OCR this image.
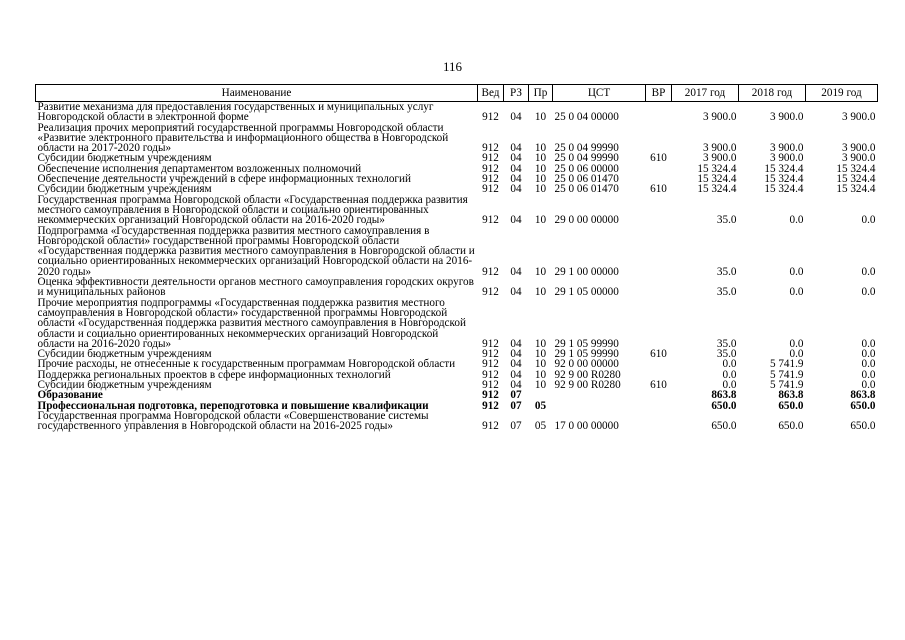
116
Наименование	Вед	РЗ	Пр	ЦСТ	ВР	2017 год	2018 год	2019 год
Развитие механизма для предоставления государственных и муниципальных услуг Новгородской области в электронной форме	912	04	10	25 0 04 00000		3 900.0	3 900.0	3 900.0
Реализация прочих мероприятий государственной программы Новгородской области «Развитие электронного правительства и информационного общества в Новгородской области на 2017-2020 годы»	912	04	10	25 0 04 99990		3 900.0	3 900.0	3 900.0
Субсидии бюджетным учреждениям	912	04	10	25 0 04 99990	610	3 900.0	3 900.0	3 900.0
Обеспечение исполнения департаментом возложенных полномочий	912	04	10	25 0 06 00000		15 324.4	15 324.4	15 324.4
Обеспечение деятельности учреждений в сфере информационных технологий	912	04	10	25 0 06 01470		15 324.4	15 324.4	15 324.4
Субсидии бюджетным учреждениям	912	04	10	25 0 06 01470	610	15 324.4	15 324.4	15 324.4
Государственная программа Новгородской области «Государственная поддержка развития местного самоуправления в Новгородской области и социально ориентированных некоммерческих организаций Новгородской области на 2016-2020 годы»	912	04	10	29 0 00 00000		35.0	0.0	0.0
Подпрограмма «Государственная поддержка развития местного самоуправления в Новгородской области» государственной программы Новгородской области «Государственная поддержка развития местного самоуправления в Новгородской области и социально ориентированных некоммерческих организаций Новгородской области на 2016-2020 годы»	912	04	10	29 1 00 00000		35.0	0.0	0.0
Оценка эффективности деятельности органов местного самоуправления городских округов и муниципальных районов	912	04	10	29 1 05 00000		35.0	0.0	0.0
Прочие мероприятия подпрограммы «Государственная поддержка развития местного самоуправления в Новгородской области» государственной программы Новгородской области «Государственная поддержка развития местного самоуправления в Новгородской области и социально ориентированных некоммерческих организаций Новгородской области на 2016-2020 годы»	912	04	10	29 1 05 99990		35.0	0.0	0.0
Субсидии бюджетным учреждениям	912	04	10	29 1 05 99990	610	35.0	0.0	0.0
Прочие расходы, не отнесенные к государственным программам Новгородской области	912	04	10	92 0 00 00000		0.0	5 741.9	0.0
Поддержка региональных проектов в сфере информационных технологий	912	04	10	92 9 00 R0280		0.0	5 741.9	0.0
Субсидии бюджетным учреждениям	912	04	10	92 9 00 R0280	610	0.0	5 741.9	0.0
Образование	912	07				863.8	863.8	863.8
Профессиональная подготовка, переподготовка и повышение квалификации	912	07	05			650.0	650.0	650.0
Государственная программа Новгородской области «Совершенствование системы государственного управления в Новгородской области на 2016-2025 годы»	912	07	05	17 0 00 00000		650.0	650.0	650.0
